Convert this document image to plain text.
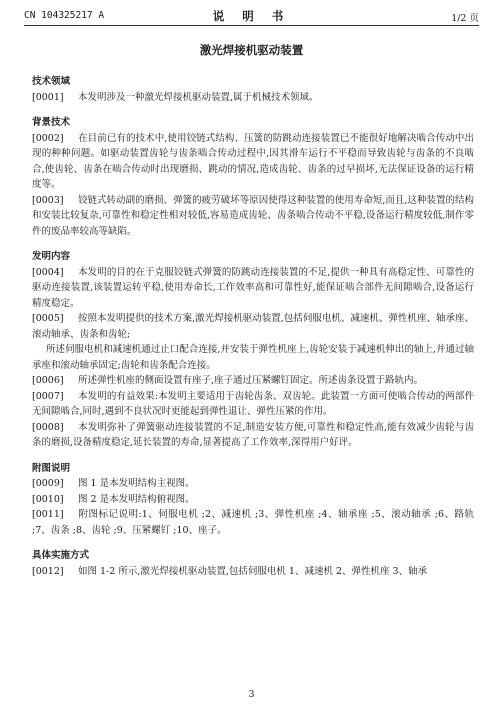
CN 104325217 A	说 明 书	1/2 页
激光焊接机驱动装置
技术领域
[0001] 本发明涉及一种激光焊接机驱动装置,属于机械技术领域。
背景技术
[0002] 在目前已有的技术中,使用铰链式结构、压簧的防跳动连接装置已不能很好地解决啮合传动中出现的种种问题。如驱动装置齿轮与齿条啮合传动过程中,因其滑车运行不平稳而导致齿轮与齿条的不良啮合,使齿轮、齿条在啮合传动时出现磨损、跳动的情况,造成齿轮、齿条的过早损坏,无法保证设备的运行精度等。
[0003] 铰链式转动副的磨损、弹簧的疲劳破坏等原因使得这种装置的使用寿命短,而且,这种装置的结构和安装比较复杂,可靠性和稳定性相对较低,容易造成齿轮、齿条啮合传动不平稳,设备运行精度较低,制作零件的废品率较高等缺陷。
发明内容
[0004] 本发明的目的在于克服铰链式弹簧的防跳动连接装置的不足,提供一种具有高稳定性、可靠性的驱动连接装置,该装置运转平稳,使用寿命长,工作效率高和可靠性好,能保证啮合部件无间隙啮合,设备运行精度稳定。
[0005] 按照本发明提供的技术方案,激光焊接机驱动装置,包括伺服电机、减速机、弹性机座、轴承座、滚动轴承、齿条和齿轮;
所述伺服电机和减速机通过止口配合连接,并安装于弹性机座上,齿轮安装于减速机伸出的轴上,并通过轴承座和滚动轴承固定;齿轮和齿条配合连接。
[0006] 所述弹性机座的侧面设置有座子,座子通过压紧螺钉固定。所述齿条设置于路轨内。
[0007] 本发明的有益效果:本发明主要适用于齿轮齿条、双齿轮。此装置一方面可使啮合传动的两部件无间隙啮合,同时,遇到不良状况时更能起到弹性退让、弹性压紧的作用。
[0008] 本发明弥补了弹簧驱动连接装置的不足,制造安装方便,可靠性和稳定性高,能有效减少齿轮与齿条的磨损,设备精度稳定,延长装置的寿命,显著提高了工作效率,深得用户好评。
附图说明
[0009] 图 1 是本发明结构主视图。
[0010] 图 2 是本发明结构俯视图。
[0011] 附图标记说明:1、伺服电机 ;2、减速机 ;3、弹性机座 ;4、轴承座 ;5、滚动轴承 ;6、路轨 ;7、齿条 ;8、齿轮 ;9、压紧螺钉 ;10、座子。
具体实施方式
[0012] 如图 1-2 所示,激光焊接机驱动装置,包括伺服电机 1、减速机 2、弹性机座 3、轴承
3
